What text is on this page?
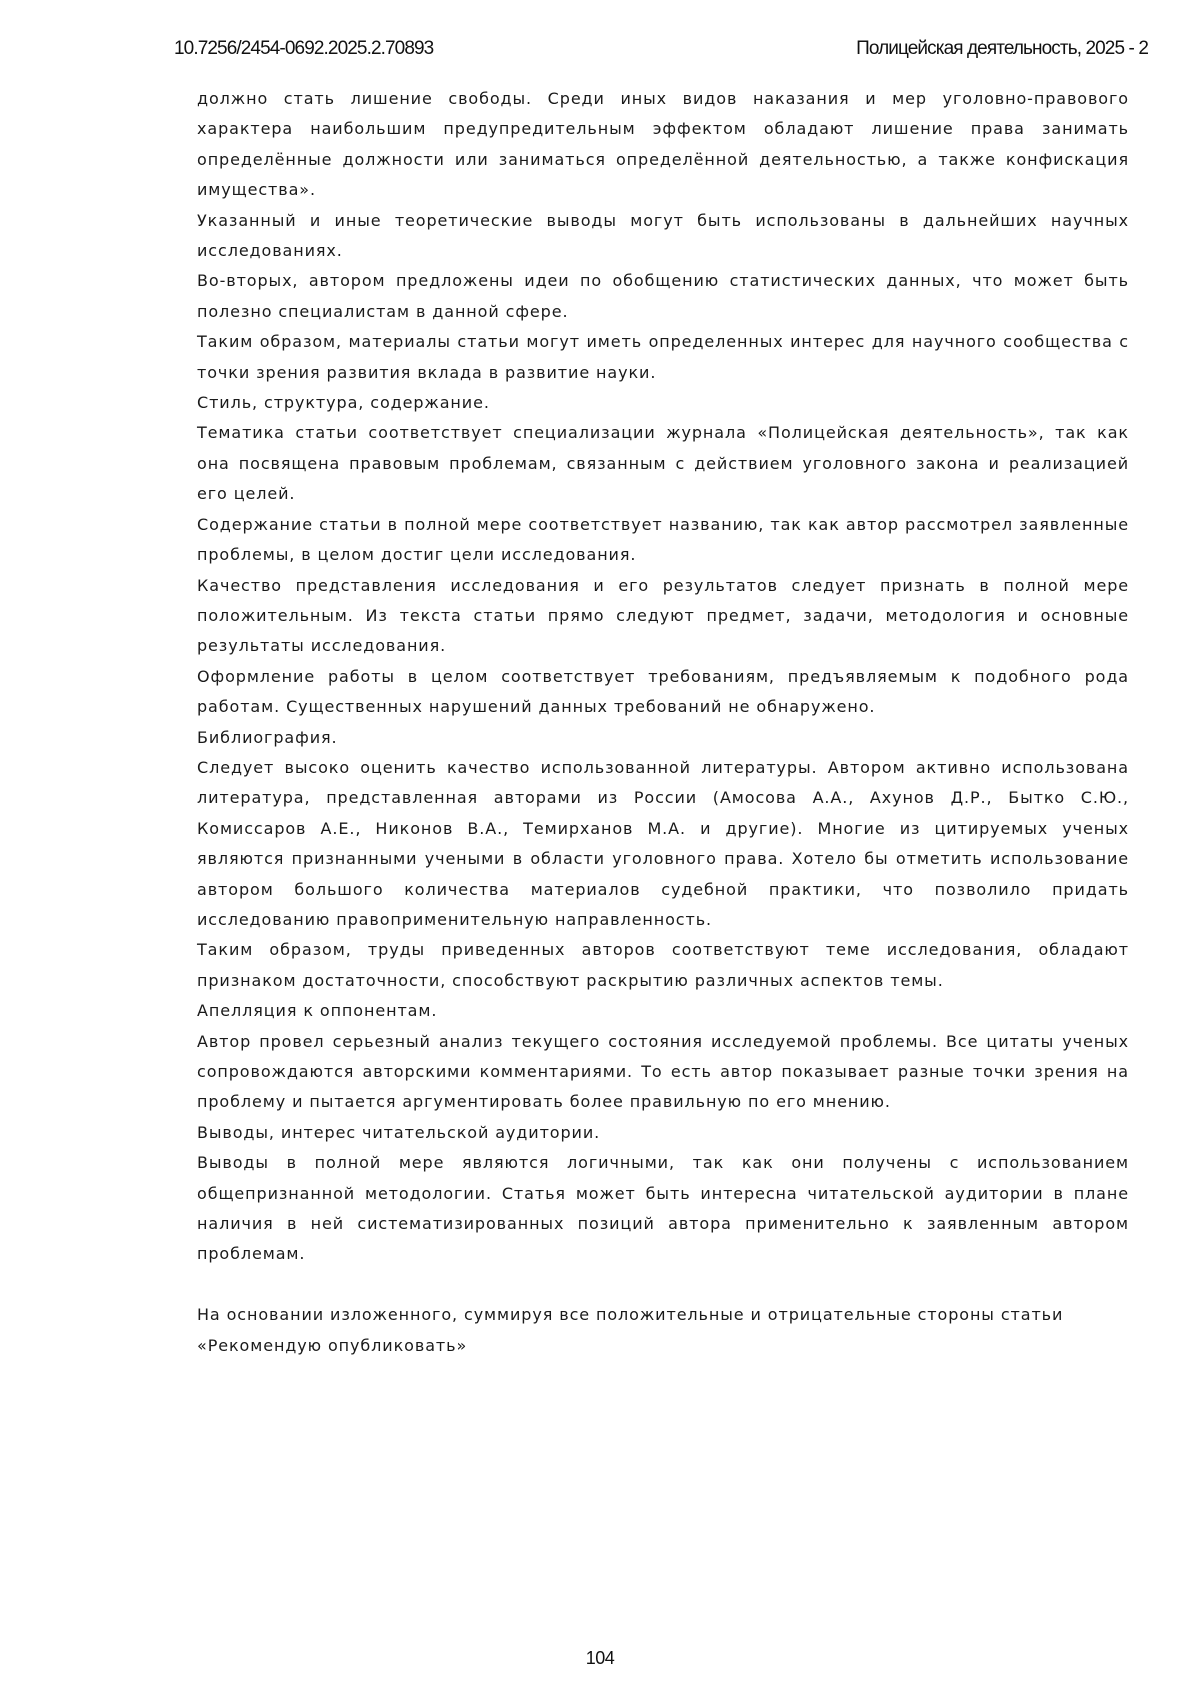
10.7256/2454-0692.2025.2.70893	Полицейская деятельность, 2025 - 2

должно стать лишение свободы. Среди иных видов наказания и мер уголовно-правового характера наибольшим предупредительным эффектом обладают лишение права занимать определённые должности или заниматься определённой деятельностью, а также конфискация имущества».

Указанный и иные теоретические выводы могут быть использованы в дальнейших научных исследованиях.

Во-вторых, автором предложены идеи по обобщению статистических данных, что может быть полезно специалистам в данной сфере.

Таким образом, материалы статьи могут иметь определенных интерес для научного сообщества с точки зрения развития вклада в развитие науки.

Стиль, структура, содержание.

Тематика статьи соответствует специализации журнала «Полицейская деятельность», так как она посвящена правовым проблемам, связанным с действием уголовного закона и реализацией его целей.

Содержание статьи в полной мере соответствует названию, так как автор рассмотрел заявленные проблемы, в целом достиг цели исследования.

Качество представления исследования и его результатов следует признать в полной мере положительным. Из текста статьи прямо следуют предмет, задачи, методология и основные результаты исследования.

Оформление работы в целом соответствует требованиям, предъявляемым к подобного рода работам. Существенных нарушений данных требований не обнаружено.

Библиография.

Следует высоко оценить качество использованной литературы. Автором активно использована литература, представленная авторами из России (Амосова А.А., Ахунов Д.Р., Бытко С.Ю., Комиссаров А.Е., Никонов В.А., Темирханов М.А. и другие). Многие из цитируемых ученых являются признанными учеными в области уголовного права. Хотело бы отметить использование автором большого количества материалов судебной практики, что позволило придать исследованию правоприменительную направленность.

Таким образом, труды приведенных авторов соответствуют теме исследования, обладают признаком достаточности, способствуют раскрытию различных аспектов темы.

Апелляция к оппонентам.

Автор провел серьезный анализ текущего состояния исследуемой проблемы. Все цитаты ученых сопровождаются авторскими комментариями. То есть автор показывает разные точки зрения на проблему и пытается аргументировать более правильную по его мнению.

Выводы, интерес читательской аудитории.

Выводы в полной мере являются логичными, так как они получены с использованием общепризнанной методологии. Статья может быть интересна читательской аудитории в плане наличия в ней систематизированных позиций автора применительно к заявленным автором проблемам.

На основании изложенного, суммируя все положительные и отрицательные стороны статьи

«Рекомендую опубликовать»

104
